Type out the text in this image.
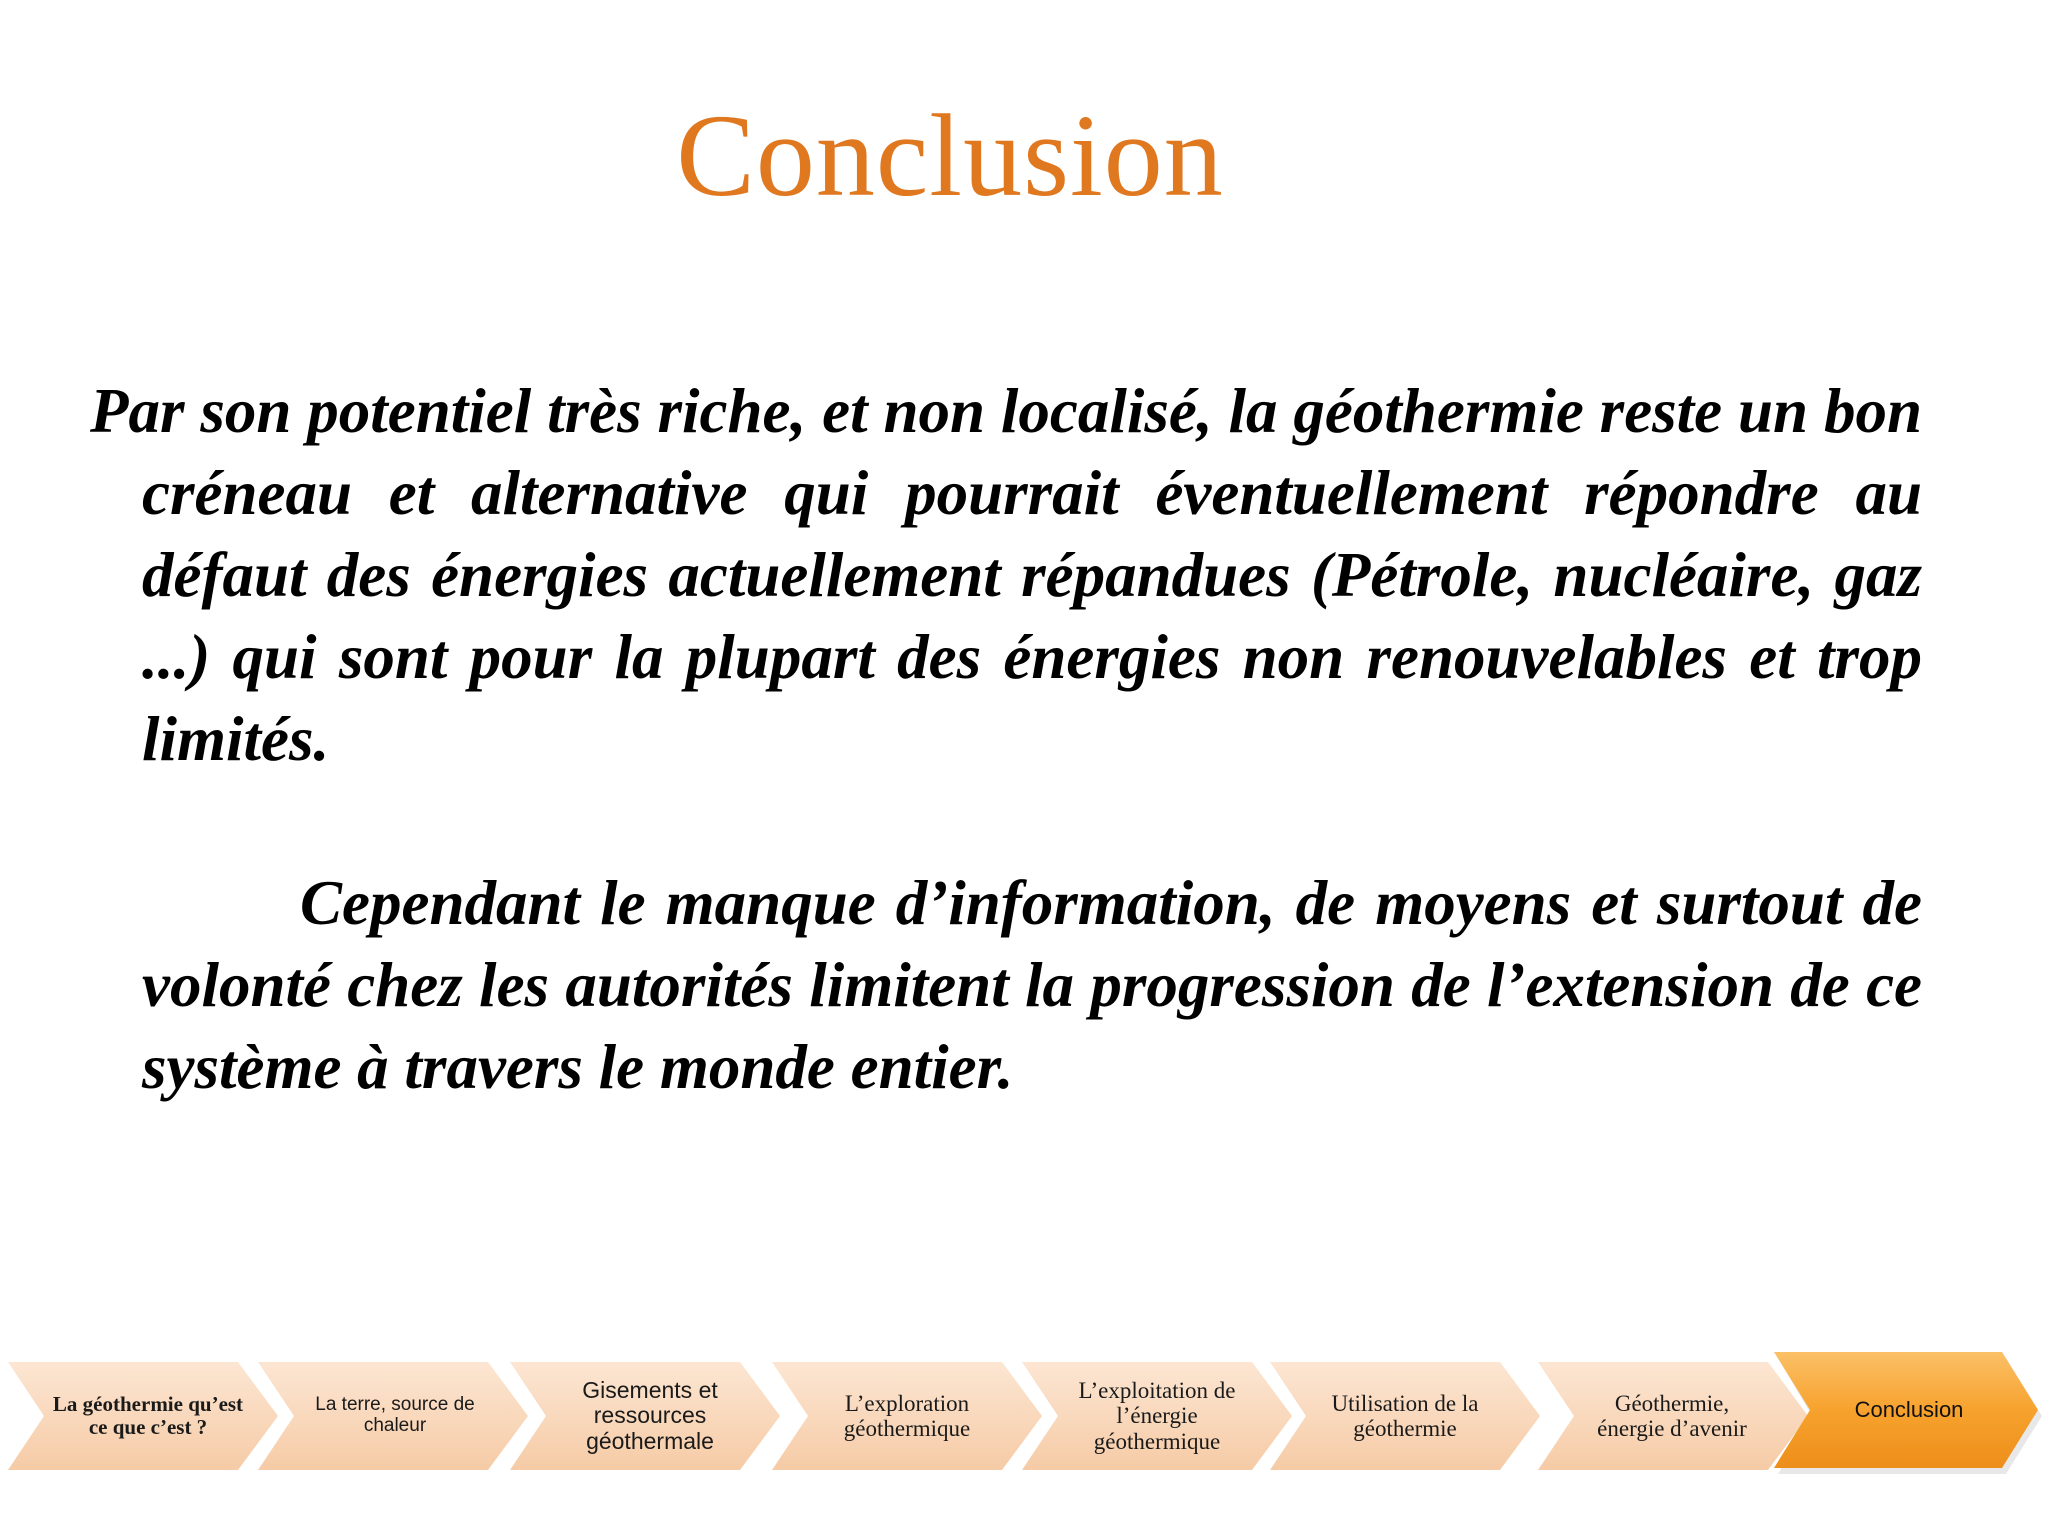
Conclusion

Par son potentiel très riche, et non localisé, la géothermie reste un bon créneau et alternative qui pourrait éventuellement répondre au défaut des énergies actuellement répandues (Pétrole, nucléaire, gaz ...) qui sont pour la plupart des énergies non renouvelables et trop limités.

Cependant le manque d’information, de moyens et surtout de volonté chez les autorités limitent la progression de l’extension de ce système à travers le monde entier.

La géothermie qu’est ce que c’est ?
La terre, source de chaleur
Gisements et ressources géothermale
L’exploration géothermique
L’exploitation de l’énergie géothermique
Utilisation de la géothermie
Géothermie, énergie d’avenir
Conclusion
